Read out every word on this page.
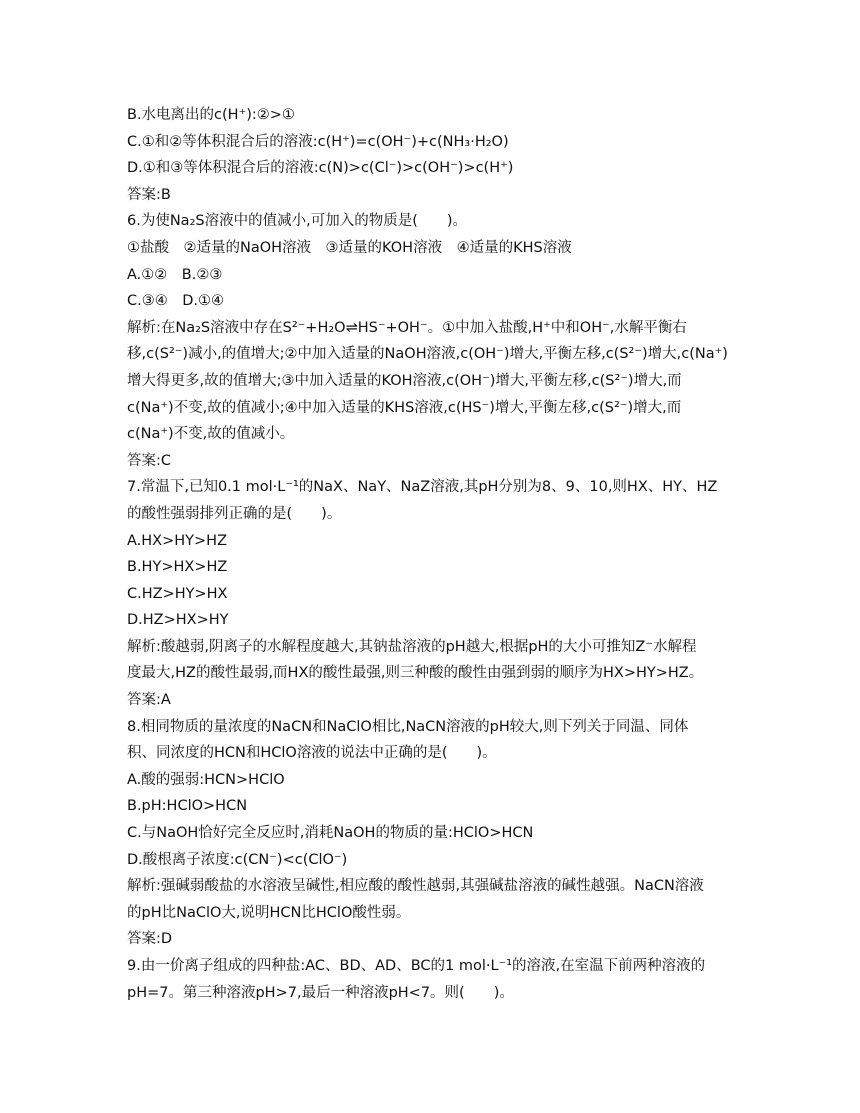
B.水电离出的c(H⁺):②>①
C.①和②等体积混合后的溶液:c(H⁺)=c(OH⁻)+c(NH₃·H₂O)
D.①和③等体积混合后的溶液:c(N)>c(Cl⁻)>c(OH⁻)>c(H⁺)
答案:B
6.为使Na₂S溶液中的值减小,可加入的物质是(　　)。
①盐酸　②适量的NaOH溶液　③适量的KOH溶液　④适量的KHS溶液
A.①②　B.②③
C.③④　D.①④
解析:在Na₂S溶液中存在S²⁻+H₂O⇌HS⁻+OH⁻。①中加入盐酸,H⁺中和OH⁻,水解平衡右
移,c(S²⁻)减小,的值增大;②中加入适量的NaOH溶液,c(OH⁻)增大,平衡左移,c(S²⁻)增大,c(Na⁺)
增大得更多,故的值增大;③中加入适量的KOH溶液,c(OH⁻)增大,平衡左移,c(S²⁻)增大,而
c(Na⁺)不变,故的值减小;④中加入适量的KHS溶液,c(HS⁻)增大,平衡左移,c(S²⁻)增大,而
c(Na⁺)不变,故的值减小。
答案:C
7.常温下,已知0.1 mol·L⁻¹的NaX、NaY、NaZ溶液,其pH分别为8、9、10,则HX、HY、HZ
的酸性强弱排列正确的是(　　)。
A.HX>HY>HZ
B.HY>HX>HZ
C.HZ>HY>HX
D.HZ>HX>HY
解析:酸越弱,阴离子的水解程度越大,其钠盐溶液的pH越大,根据pH的大小可推知Z⁻水解程
度最大,HZ的酸性最弱,而HX的酸性最强,则三种酸的酸性由强到弱的顺序为HX>HY>HZ。
答案:A
8.相同物质的量浓度的NaCN和NaClO相比,NaCN溶液的pH较大,则下列关于同温、同体
积、同浓度的HCN和HClO溶液的说法中正确的是(　　)。
A.酸的强弱:HCN>HClO
B.pH:HClO>HCN
C.与NaOH恰好完全反应时,消耗NaOH的物质的量:HClO>HCN
D.酸根离子浓度:c(CN⁻)<c(ClO⁻)
解析:强碱弱酸盐的水溶液呈碱性,相应酸的酸性越弱,其强碱盐溶液的碱性越强。NaCN溶液
的pH比NaClO大,说明HCN比HClO酸性弱。
答案:D
9.由一价离子组成的四种盐:AC、BD、AD、BC的1 mol·L⁻¹的溶液,在室温下前两种溶液的
pH=7。第三种溶液pH>7,最后一种溶液pH<7。则(　　)。
